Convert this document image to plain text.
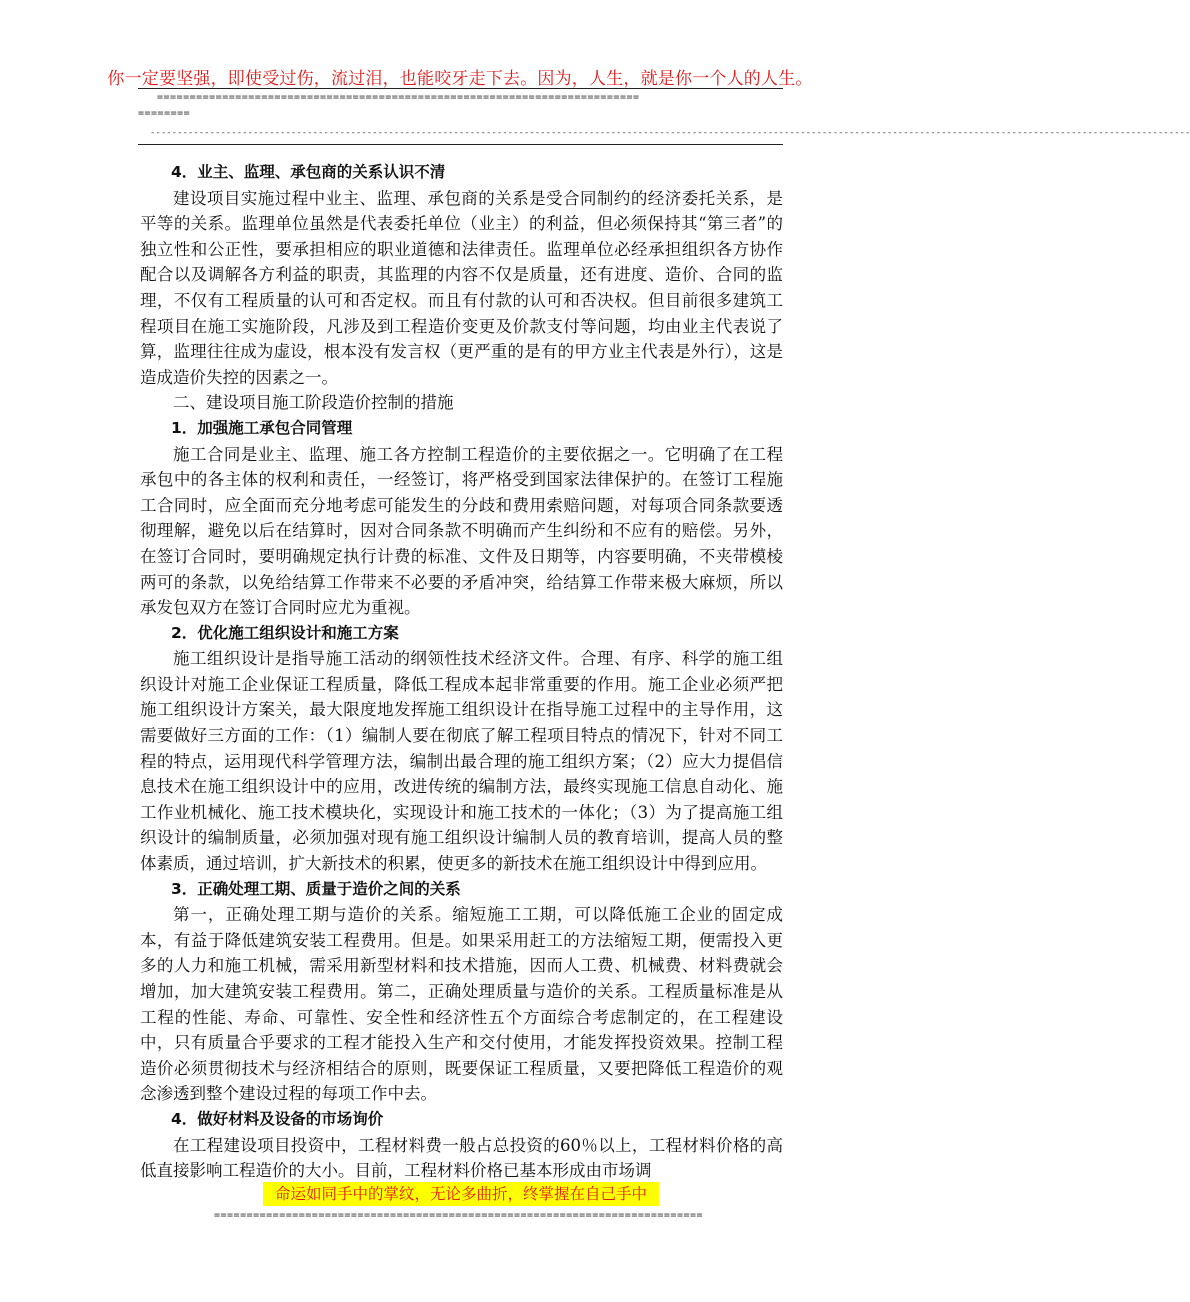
你一定要坚强，即使受过伤，流过泪，也能咬牙走下去。因为，人生，就是你一个人的人生。
==========================================================================
========
------------------------------------------------------------------------------------------------------------------------------------------------------------------------------------------------

4．业主、监理、承包商的关系认识不清

建设项目实施过程中业主、监理、承包商的关系是受合同制约的经济委托关系，是平等的关系。监理单位虽然是代表委托单位（业主）的利益，但必须保持其“第三者”的独立性和公正性，要承担相应的职业道德和法律责任。监理单位必经承担组织各方协作配合以及调解各方利益的职责，其监理的内容不仅是质量，还有进度、造价、合同的监理，不仅有工程质量的认可和否定权。而且有付款的认可和否决权。但目前很多建筑工程项目在施工实施阶段，凡涉及到工程造价变更及价款支付等问题，均由业主代表说了算，监理往往成为虚设，根本没有发言权（更严重的是有的甲方业主代表是外行），这是造成造价失控的因素之一。

二、建设项目施工阶段造价控制的措施

1．加强施工承包合同管理

施工合同是业主、监理、施工各方控制工程造价的主要依据之一。它明确了在工程承包中的各主体的权利和责任，一经签订，将严格受到国家法律保护的。在签订工程施工合同时，应全面而充分地考虑可能发生的分歧和费用索赔问题，对每项合同条款要透彻理解，避免以后在结算时，因对合同条款不明确而产生纠纷和不应有的赔偿。另外，在签订合同时，要明确规定执行计费的标准、文件及日期等，内容要明确，不夹带模棱两可的条款，以免给结算工作带来不必要的矛盾冲突，给结算工作带来极大麻烦，所以承发包双方在签订合同时应尤为重视。

2．优化施工组织设计和施工方案

施工组织设计是指导施工活动的纲领性技术经济文件。合理、有序、科学的施工组织设计对施工企业保证工程质量，降低工程成本起非常重要的作用。施工企业必须严把施工组织设计方案关，最大限度地发挥施工组织设计在指导施工过程中的主导作用，这需要做好三方面的工作：（1）编制人要在彻底了解工程项目特点的情况下，针对不同工程的特点，运用现代科学管理方法，编制出最合理的施工组织方案；（2）应大力提倡信息技术在施工组织设计中的应用，改进传统的编制方法，最终实现施工信息自动化、施工作业机械化、施工技术模块化，实现设计和施工技术的一体化；（3）为了提高施工组织设计的编制质量，必须加强对现有施工组织设计编制人员的教育培训，提高人员的整体素质，通过培训，扩大新技术的积累，使更多的新技术在施工组织设计中得到应用。

3．正确处理工期、质量于造价之间的关系

第一，正确处理工期与造价的关系。缩短施工工期，可以降低施工企业的固定成本，有益于降低建筑安装工程费用。但是。如果采用赶工的方法缩短工期，便需投入更多的人力和施工机械，需采用新型材料和技术措施，因而人工费、机械费、材料费就会增加，加大建筑安装工程费用。第二，正确处理质量与造价的关系。工程质量标准是从工程的性能、寿命、可靠性、安全性和经济性五个方面综合考虑制定的，在工程建设中，只有质量合乎要求的工程才能投入生产和交付使用，才能发挥投资效果。控制工程造价必须贯彻技术与经济相结合的原则，既要保证工程质量，又要把降低工程造价的观念渗透到整个建设过程的每项工作中去。

4．做好材料及设备的市场询价

在工程建设项目投资中，工程材料费一般占总投资的60％以上，工程材料价格的高低直接影响工程造价的大小。目前，工程材料价格已基本形成由市场调

命运如同手中的掌纹，无论多曲折，终掌握在自己手中
===========================================================================
